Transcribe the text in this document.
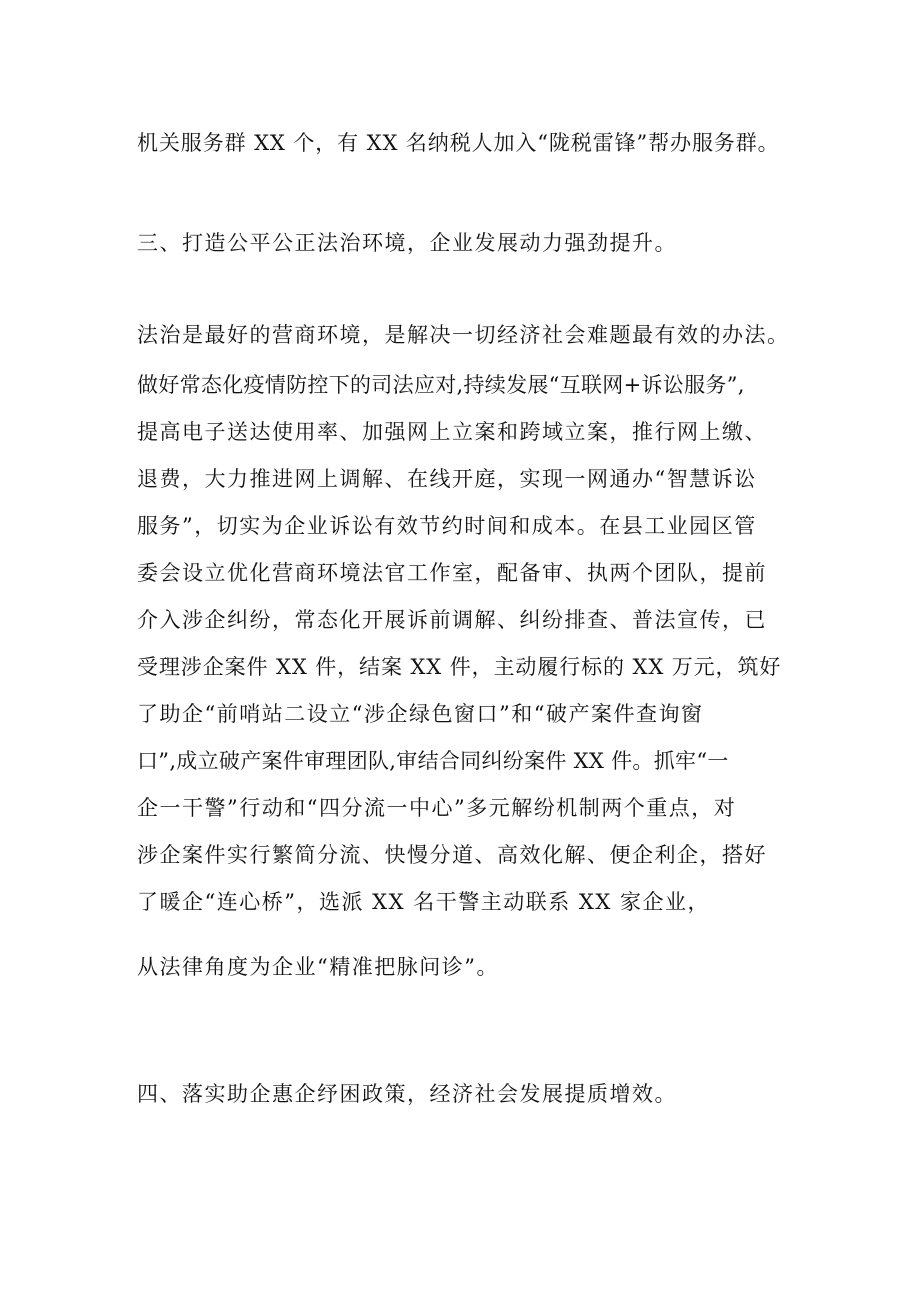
机关服务群 XX 个，有 XX 名纳税人加入“陇税雷锋”帮办服务群。
三、打造公平公正法治环境，企业发展动力强劲提升。
法治是最好的营商环境，是解决一切经济社会难题最有效的办法。
做好常态化疫情防控下的司法应对,持续发展“互联网+诉讼服务”,
提高电子送达使用率、加强网上立案和跨域立案，推行网上缴、
退费，大力推进网上调解、在线开庭，实现一网通办“智慧诉讼
服务”，切实为企业诉讼有效节约时间和成本。在县工业园区管
委会设立优化营商环境法官工作室，配备审、执两个团队，提前
介入涉企纠纷，常态化开展诉前调解、纠纷排查、普法宣传，已
受理涉企案件 XX 件，结案 XX 件，主动履行标的 XX 万元，筑好
了助企“前哨站二设立“涉企绿色窗口”和“破产案件查询窗
口”,成立破产案件审理团队,审结合同纠纷案件 XX 件。抓牢“一
企一干警”行动和“四分流一中心”多元解纷机制两个重点，对
涉企案件实行繁简分流、快慢分道、高效化解、便企利企，搭好
了暖企“连心桥”，选派 XX 名干警主动联系 XX 家企业，
从法律角度为企业“精准把脉问诊”。
四、落实助企惠企纾困政策，经济社会发展提质增效。
